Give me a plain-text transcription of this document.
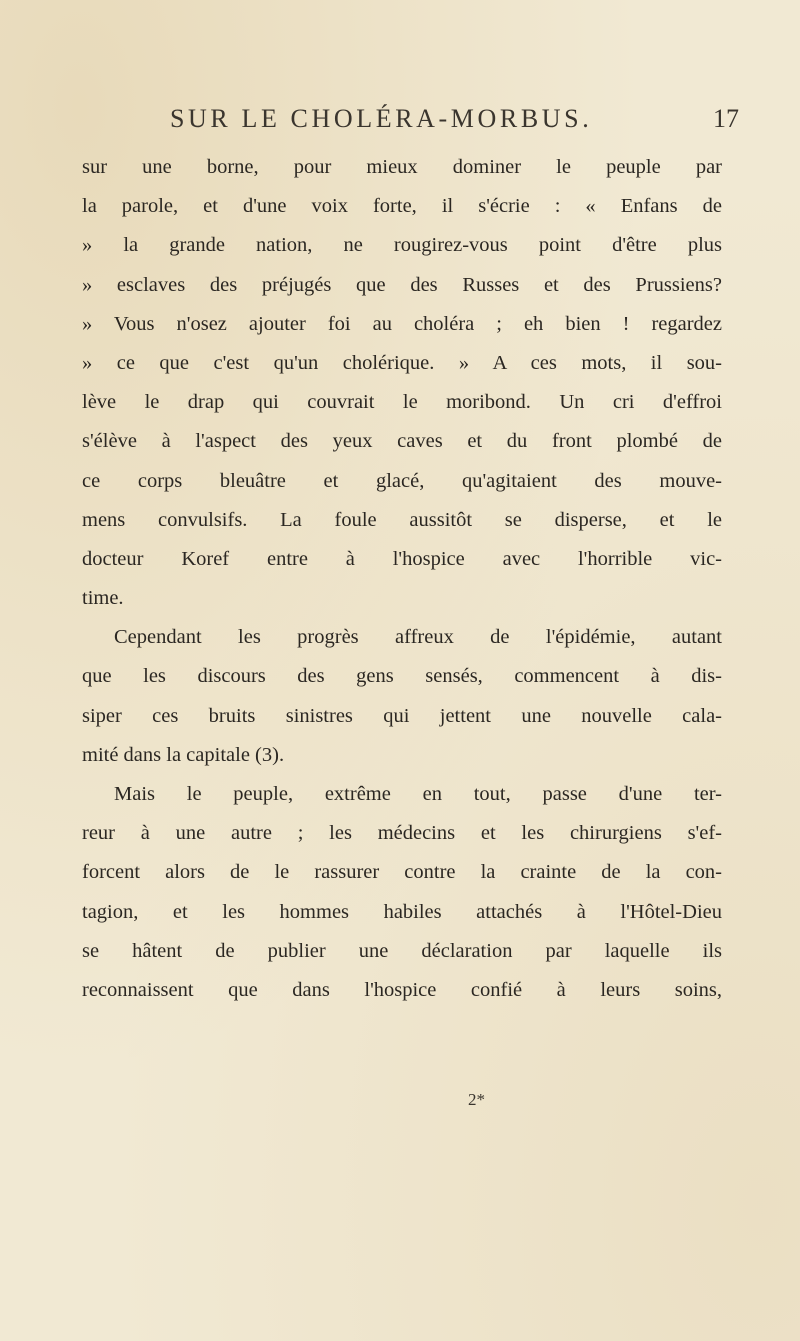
SUR LE CHOLÉRA-MORBUS.	17
sur une borne, pour mieux dominer le peuple par
la parole, et d'une voix forte, il s'écrie : « Enfans de
» la grande nation, ne rougirez-vous point d'être plus
» esclaves des préjugés que des Russes et des Prussiens?
» Vous n'osez ajouter foi au choléra ; eh bien ! regardez
» ce que c'est qu'un cholérique. » A ces mots, il sou-
lève le drap qui couvrait le moribond. Un cri d'effroi
s'élève à l'aspect des yeux caves et du front plombé de
ce corps bleuâtre et glacé, qu'agitaient des mouve-
mens convulsifs. La foule aussitôt se disperse, et le
docteur Koref entre à l'hospice avec l'horrible vic-
time.
Cependant les progrès affreux de l'épidémie, autant
que les discours des gens sensés, commencent à dis-
siper ces bruits sinistres qui jettent une nouvelle cala-
mité dans la capitale (3).
Mais le peuple, extrême en tout, passe d'une ter-
reur à une autre ; les médecins et les chirurgiens s'ef-
forcent alors de le rassurer contre la crainte de la con-
tagion, et les hommes habiles attachés à l'Hôtel-Dieu
se hâtent de publier une déclaration par laquelle ils
reconnaissent que dans l'hospice confié à leurs soins,
2*
